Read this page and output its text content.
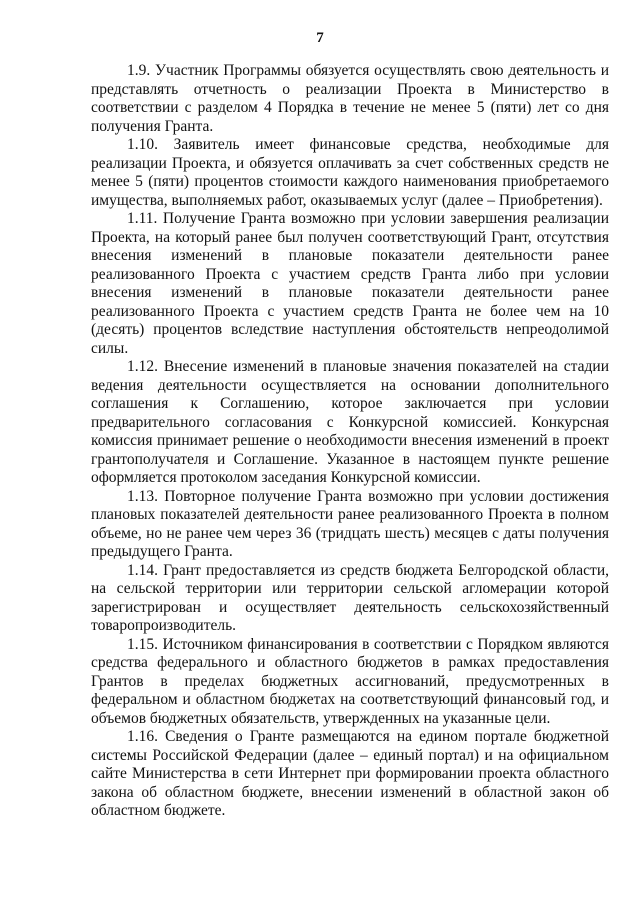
7

1.9. Участник Программы обязуется осуществлять свою деятельность и представлять отчетность о реализации Проекта в Министерство в соответствии с разделом 4 Порядка в течение не менее 5 (пяти) лет со дня получения Гранта.

1.10. Заявитель имеет финансовые средства, необходимые для реализации Проекта, и обязуется оплачивать за счет собственных средств не менее 5 (пяти) процентов стоимости каждого наименования приобретаемого имущества, выполняемых работ, оказываемых услуг (далее – Приобретения).

1.11. Получение Гранта возможно при условии завершения реализации Проекта, на который ранее был получен соответствующий Грант, отсутствия внесения изменений в плановые показатели деятельности ранее реализованного Проекта с участием средств Гранта либо при условии внесения изменений в плановые показатели деятельности ранее реализованного Проекта с участием средств Гранта не более чем на 10 (десять) процентов вследствие наступления обстоятельств непреодолимой силы.

1.12. Внесение изменений в плановые значения показателей на стадии ведения деятельности осуществляется на основании дополнительного соглашения к Соглашению, которое заключается при условии предварительного согласования с Конкурсной комиссией. Конкурсная комиссия принимает решение о необходимости внесения изменений в проект грантополучателя и Соглашение. Указанное в настоящем пункте решение оформляется протоколом заседания Конкурсной комиссии.

1.13. Повторное получение Гранта возможно при условии достижения плановых показателей деятельности ранее реализованного Проекта в полном объеме, но не ранее чем через 36 (тридцать шесть) месяцев с даты получения предыдущего Гранта.

1.14. Грант предоставляется из средств бюджета Белгородской области, на сельской территории или территории сельской агломерации которой зарегистрирован и осуществляет деятельность сельскохозяйственный товаропроизводитель.

1.15. Источником финансирования в соответствии с Порядком являются средства федерального и областного бюджетов в рамках предоставления Грантов в пределах бюджетных ассигнований, предусмотренных в федеральном и областном бюджетах на соответствующий финансовый год, и объемов бюджетных обязательств, утвержденных на указанные цели.

1.16. Сведения о Гранте размещаются на едином портале бюджетной системы Российской Федерации (далее – единый портал) и на официальном сайте Министерства в сети Интернет при формировании проекта областного закона об областном бюджете, внесении изменений в областной закон об областном бюджете.
